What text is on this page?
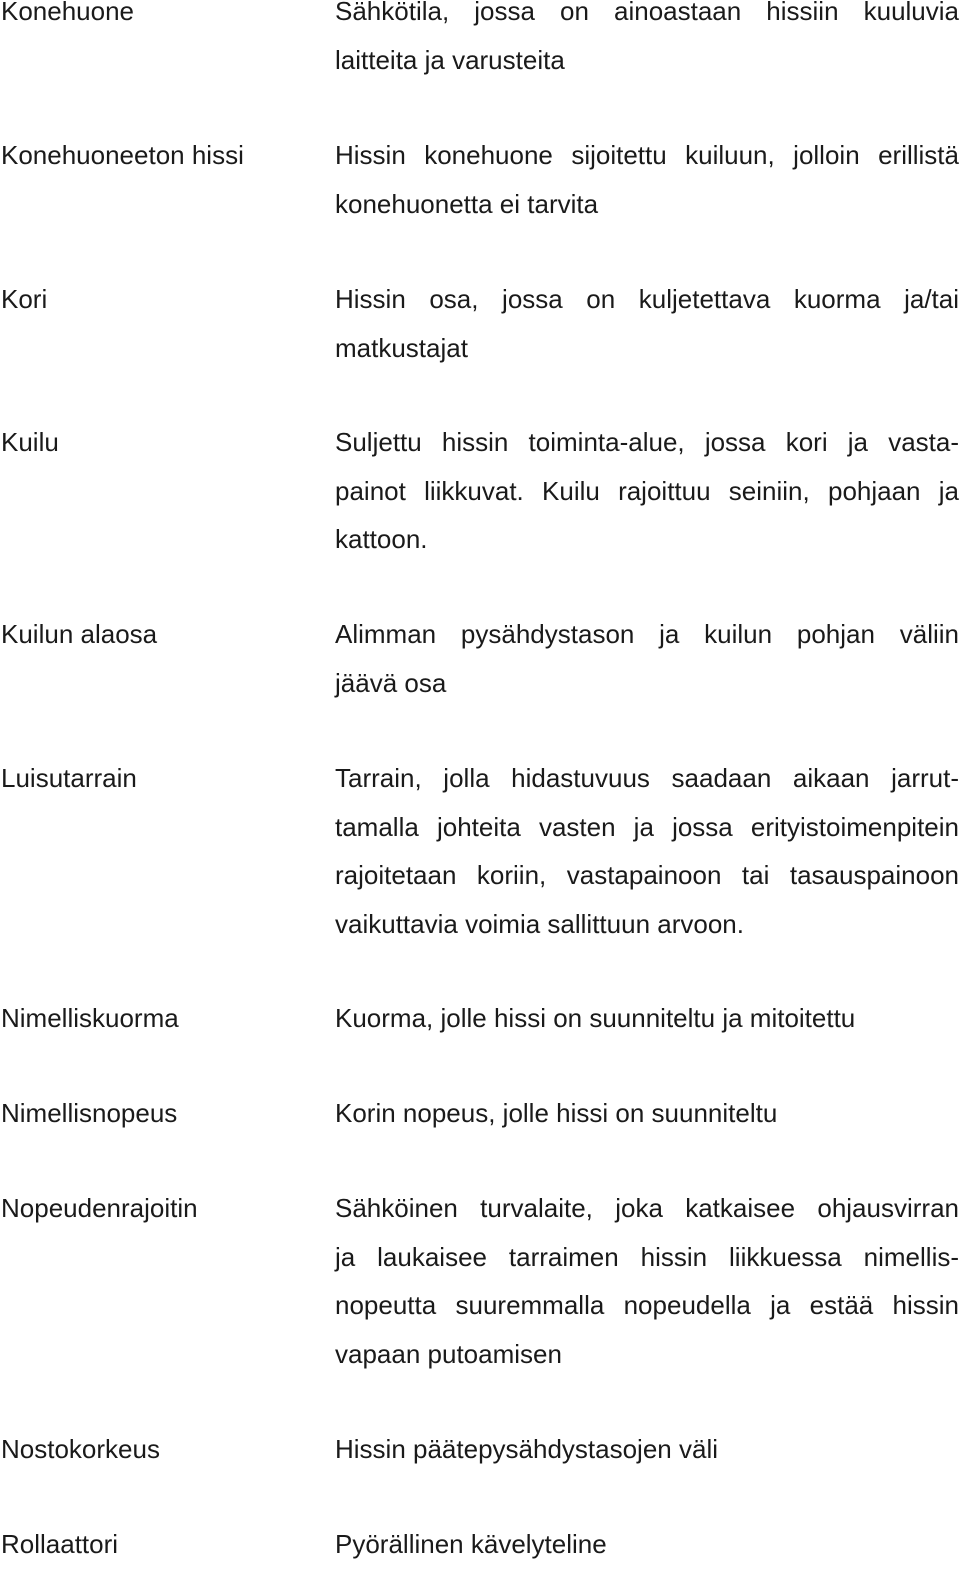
Konehuone	Sähkötila, jossa on ainoastaan hissiin kuuluvia
laitteita ja varusteita
Konehuoneeton hissi	Hissin konehuone sijoitettu kuiluun, jolloin erillistä
konehuonetta ei tarvita
Kori	Hissin osa, jossa on kuljetettava kuorma ja/tai
matkustajat
Kuilu	Suljettu hissin toiminta-alue, jossa kori ja vasta-
painot liikkuvat. Kuilu rajoittuu seiniin, pohjaan ja
kattoon.
Kuilun alaosa	Alimman pysähdystason ja kuilun pohjan väliin
jäävä osa
Luisutarrain	Tarrain, jolla hidastuvuus saadaan aikaan jarrut-
tamalla johteita vasten ja jossa erityistoimenpitein
rajoitetaan koriin, vastapainoon tai tasauspainoon
vaikuttavia voimia sallittuun arvoon.
Nimelliskuorma	Kuorma, jolle hissi on suunniteltu ja mitoitettu
Nimellisnopeus	Korin nopeus, jolle hissi on suunniteltu
Nopeudenrajoitin	Sähköinen turvalaite, joka katkaisee ohjausvirran
ja laukaisee tarraimen hissin liikkuessa nimellis-
nopeutta suuremmalla nopeudella ja estää hissin
vapaan putoamisen
Nostokorkeus	Hissin päätepysähdystasojen väli
Rollaattori	Pyörällinen kävelyteline
